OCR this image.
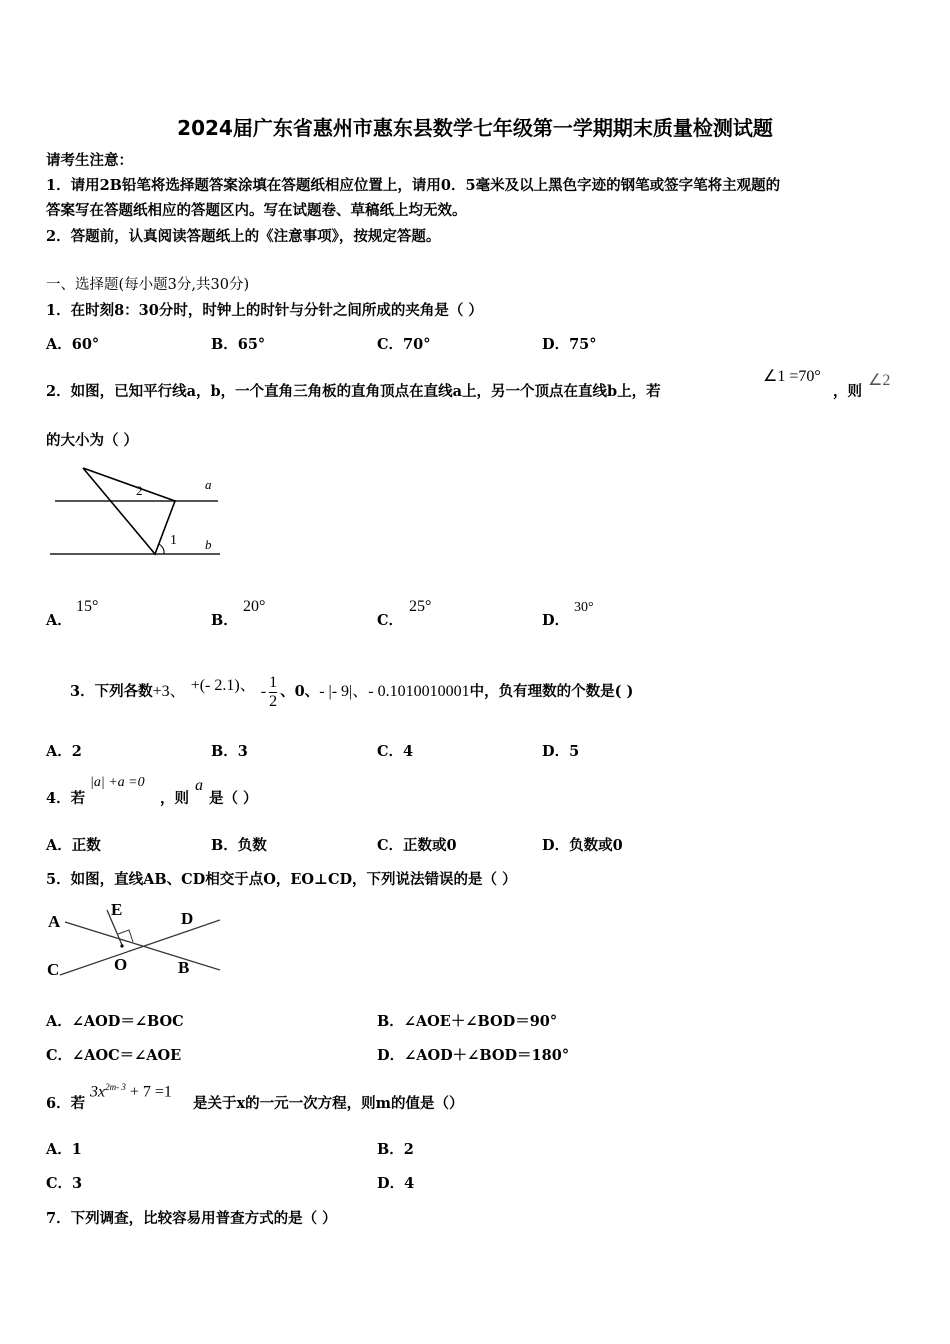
2024届广东省惠州市惠东县数学七年级第一学期期末质量检测试题
请考生注意：
1．请用2B铅笔将选择题答案涂填在答题纸相应位置上，请用0．5毫米及以上黑色字迹的钢笔或签字笔将主观题的
答案写在答题纸相应的答题区内。写在试题卷、草稿纸上均无效。
2．答题前，认真阅读答题纸上的《注意事项》，按规定答题。
一、选择题(每小题3分,共30分)
1．在时刻8：30分时，时钟上的时针与分针之间所成的夹角是（ ）
A．60°	B．65°	C．70°	D．75°
2．如图，已知平行线a，b，一个直角三角板的直角顶点在直线a上，另一个顶点在直线b上，若
∠1 =70°
，则
∠2
的大小为（ ）
a
b
1
2
A．
15°
B．
20°
C．
25°
D．
30°
3．下列各数+3、 +(- 2.1)、 - $\frac{1}{2}$ 、0、- |- 9|、- 0.1010010001中，负有理数的个数是( )
A．2	B．3	C．4	D．5
4．若
|a| +a =0
，则
a
是（ ）
A．正数	B．负数	C．正数或0	D．负数或0
5．如图，直线AB、CD相交于点O，EO⊥CD，下列说法错误的是（ ）
A
B
C
D
E
O
A．∠AOD＝∠BOC	B．∠AOE＋∠BOD＝90°
C．∠AOC＝∠AOE	D．∠AOD＋∠BOD＝180°
6．若
$3x^{2m- 3} + 7 =1$
是关于x的一元一次方程，则m的值是（）
A．1	B．2
C．3	D．4
7．下列调查，比较容易用普查方式的是（ ）
